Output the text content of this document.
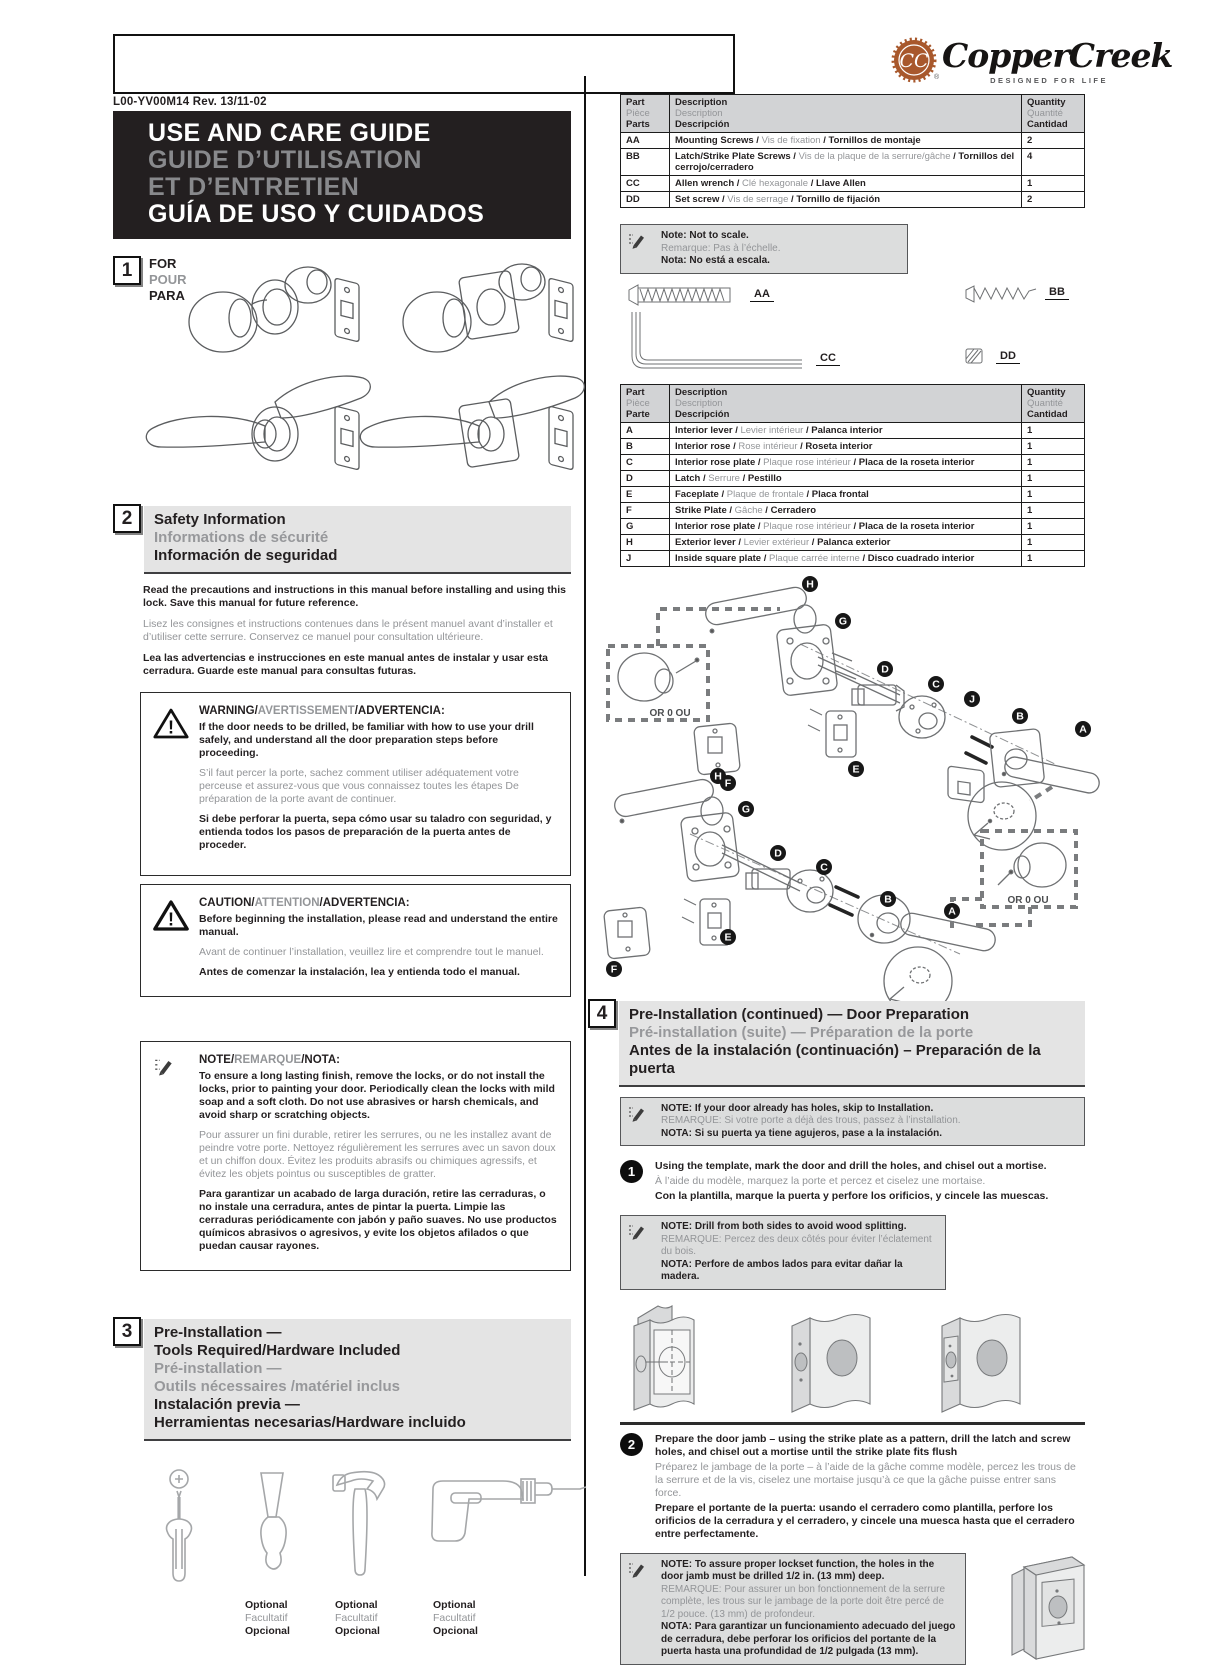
CC
®
CopperCreek
DESIGNED FOR LIFE
L00-YV00M14 Rev. 13/11-02
USE AND CARE GUIDE
GUIDE D’UTILISATION
ET D’ENTRETIEN
GUÍA DE USO Y CUIDADOS
1	FOR
POUR
PARA
2	Safety Information
Informations de sécurité
Información de seguridad

Read the precautions and instructions in this manual before installing and using this lock. Save this manual for future reference.

Lisez les consignes et instructions contenues dans le présent manuel avant d’installer et d’utiliser cette serrure. Conservez ce manuel pour consultation ultérieure.

Lea las advertencias e instrucciones en este manual antes de instalar y usar esta cerradura. Guarde este manual para consultas futuras.

!
WARNING/AVERTISSEMENT/ADVERTENCIA:

If the door needs to be drilled, be familiar with how to use your drill safely, and understand all the door preparation steps before proceeding.

S’il faut percer la porte, sachez comment utiliser adéquatement votre perceuse et assurez-vous que vous connaissez toutes les étapes De préparation de la porte avant de continuer.

Si debe perforar la puerta, sepa cómo usar su taladro con seguridad, y entienda todos los pasos de preparación de la puerta antes de proceder.

!
CAUTION/ATTENTION/ADVERTENCIA:

Before beginning the installation, please read and understand the entire manual.

Avant de continuer l’installation, veuillez lire et comprendre tout le manuel.

Antes de comenzar la instalación, lea y entienda todo el manual.

NOTE/REMARQUE/NOTA:

To ensure a long lasting finish, remove the locks, or do not install the locks, prior to painting your door. Periodically clean the locks with mild soap and a soft cloth. Do not use abrasives or harsh chemicals, and avoid sharp or scratching objects.

Pour assurer un fini durable, retirer les serrures, ou ne les installez avant de peindre votre porte. Nettoyez régulièrement les serrures avec un savon doux et un chiffon doux. Évitez les produits abrasifs ou chimiques agressifs, et évitez les objets pointus ou susceptibles de gratter.

Para garantizar un acabado de larga duración, retire las cerraduras, o no instale una cerradura, antes de pintar la puerta. Limpie las cerraduras periódicamente con jabón y paño suaves. No use productos químicos abrasivos o agresivos, y evite los objetos afilados o que puedan causar rayones.

3	Pre-Installation —
Tools Required/Hardware Included
Pré-installation —
Outils nécessaires /matériel inclus
Instalación previa —
Herramientas necesarias/Hardware incluido
Optional
Facultatif
Opcional
Optional
Facultatif
Opcional
Optional
Facultatif
Opcional
Part
Pièce
Parts

Description
Description
Descripción

Quantity
Quantité
Cantidad

AA	Mounting Screws / Vis de fixation / Tornillos de montaje	2
BB	Latch/Strike Plate Screws / Vis de la plaque de la serrure/gâche / Tornillos del cerrojo/cerradero	4
CC	Allen wrench / Clé hexagonale / Llave Allen	1
DD	Set screw / Vis de serrage / Tornillo de fijación	2
Note: Not to scale.
Remarque: Pas à l’échelle.
Nota: No está a escala.
AA	BB
CC	DD
Part
Pièce
Parte

Description
Description
Descripción

Quantity
Quantité
Cantidad

A	Interior lever / Levier intérieur / Palanca interior	1
B	Interior rose / Rose intérieur / Roseta interior	1
C	Interior rose plate / Plaque rose intérieur / Placa de la roseta interior	1
D	Latch / Serrure / Pestillo	1
E	Faceplate / Plaque de frontale / Placa frontal	1
F	Strike Plate / Gâche / Cerradero	1
G	Interior rose plate / Plaque rose intérieur / Placa de la roseta interior	1
H	Exterior lever / Levier extérieur / Palanca exterior	1
J	Inside square plate / Plaque carrée interne / Disco cuadrado interior	1
OR 0 OU
H
G
D
C
J
B
A
E
F
OR 0 OU
H
G
D
C
B
A
E
F
4	Pre-Installation (continued) — Door Preparation
Pré-installation (suite) — Préparation de la porte
Antes de la instalación (continuación) – Preparación de la puerta
NOTE: If your door already has holes, skip to Installation.
REMARQUE: Si votre porte a déjà des trous, passez à l’installation.
NOTA: Si su puerta ya tiene agujeros, pase a la instalación.
1	Using the template, mark the door and drill the holes, and chisel out a mortise.
À l’aide du modèle, marquez la porte et percez et ciselez une mortaise.
Con la plantilla, marque la puerta y perfore los orificios, y cincele las muescas.
NOTE: Drill from both sides to avoid wood splitting.
REMARQUE: Percez des deux côtés pour éviter l’éclatement du bois.
NOTA: Perfore de ambos lados para evitar dañar la madera.
2	Prepare the door jamb – using the strike plate as a pattern, drill the latch and screw holes, and chisel out a mortise until the strike plate fits flush
Préparez le jambage de la porte – à l’aide de la gâche comme modèle, percez les trous de la serrure et de la vis, ciselez une mortaise jusqu’à ce que la gâche puisse entrer sans force.
Prepare el portante de la puerta: usando el cerradero como plantilla, perfore los orificios de la cerradura y el cerradero, y cincele una muesca hasta que el cerradero entre perfectamente.
NOTE: To assure proper lockset function, the holes in the door jamb must be drilled 1/2 in. (13 mm) deep.
REMARQUE: Pour assurer un bon fonctionnement de la serrure complète, les trous sur le jambage de la porte doit être percé de 1/2 pouce. (13 mm) de profondeur.
NOTA: Para garantizar un funcionamiento adecuado del juego de cerradura, debe perforar los orificios del portante de la puerta hasta una profundidad de 1/2 pulgada (13 mm).
